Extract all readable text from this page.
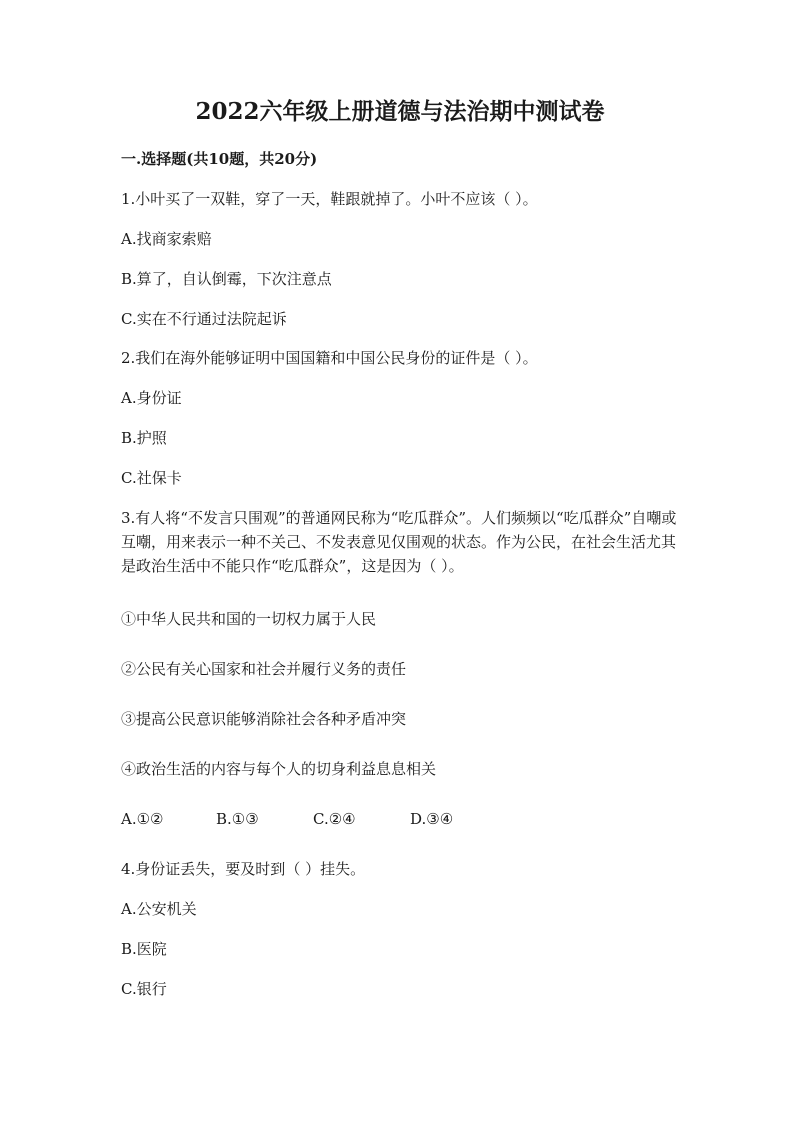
2022六年级上册道德与法治期中测试卷
一.选择题(共10题，共20分)
1.小叶买了一双鞋，穿了一天，鞋跟就掉了。小叶不应该（ ）。
A.找商家索赔
B.算了，自认倒霉，下次注意点
C.实在不行通过法院起诉
2.我们在海外能够证明中国国籍和中国公民身份的证件是（ ）。
A.身份证
B.护照
C.社保卡
3.有人将“不发言只围观”的普通网民称为“吃瓜群众”。人们频频以“吃瓜群众”自嘲或互嘲，用来表示一种不关己、不发表意见仅围观的状态。作为公民，在社会生活尤其是政治生活中不能只作“吃瓜群众”，这是因为（ ）。
①中华人民共和国的一切权力属于人民
②公民有关心国家和社会并履行义务的责任
③提高公民意识能够消除社会各种矛盾冲突
④政治生活的内容与每个人的切身利益息息相关
A.①②	B.①③	C.②④	D.③④
4.身份证丢失，要及时到（ ）挂失。
A.公安机关
B.医院
C.银行
